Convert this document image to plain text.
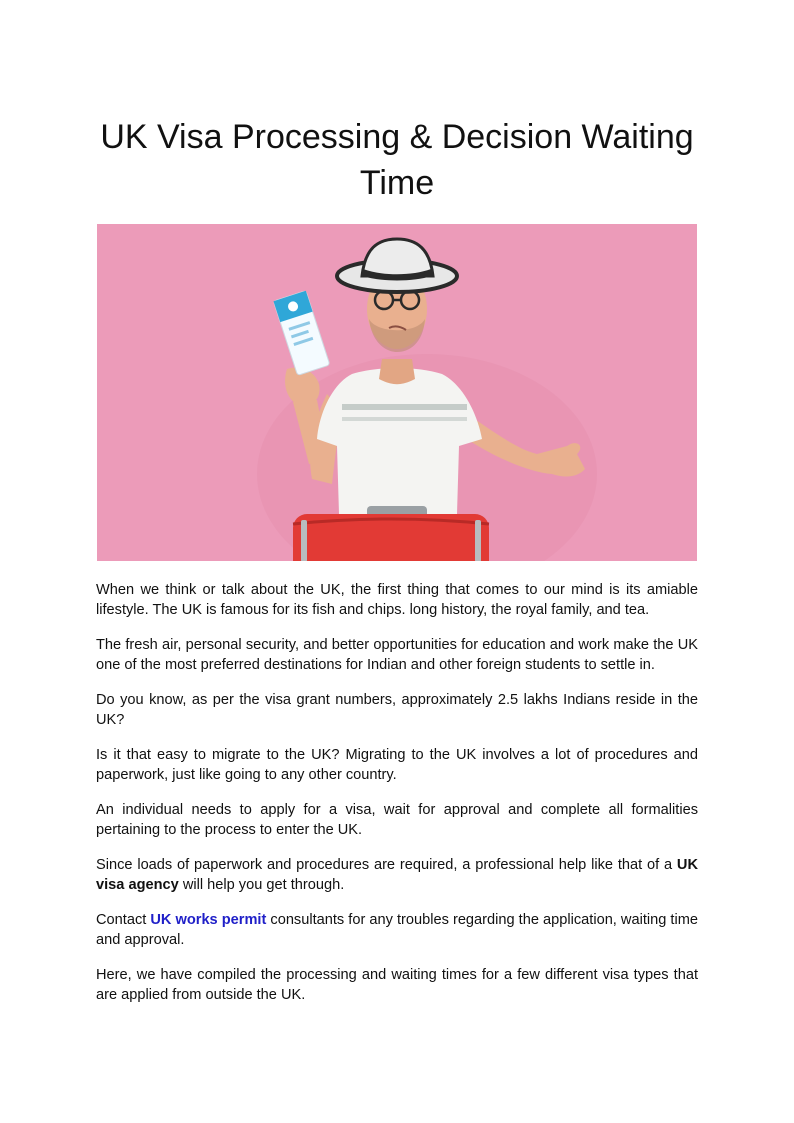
UK Visa Processing & Decision Waiting Time

When we think or talk about the UK, the first thing that comes to our mind is its amiable lifestyle. The UK is famous for its fish and chips. long history, the royal family, and tea.

The fresh air, personal security, and better opportunities for education and work make the UK one of the most preferred destinations for Indian and other foreign students to settle in.

Do you know, as per the visa grant numbers, approximately 2.5 lakhs Indians reside in the UK?

Is it that easy to migrate to the UK? Migrating to the UK involves a lot of procedures and paperwork, just like going to any other country.

An individual needs to apply for a visa, wait for approval and complete all formalities pertaining to the process to enter the UK.

Since loads of paperwork and procedures are required, a professional help like that of a UK visa agency will help you get through.

Contact UK works permit consultants for any troubles regarding the application, waiting time and approval.

Here, we have compiled the processing and waiting times for a few different visa types that are applied from outside the UK.
